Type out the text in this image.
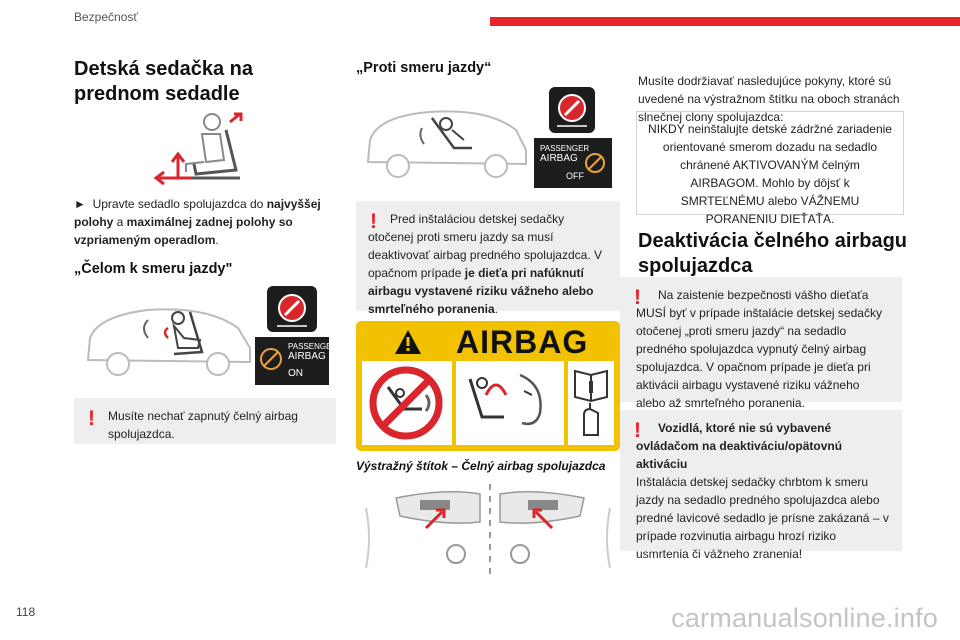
Bezpečnosť
Detská sedačka na prednom sedadle

► Upravte sedadlo spolujazdca do najvyššej polohy a maximálnej zadnej polohy so vzpriameným operadlom.

„Čelom k smeru jazdy"
PASSENGER
AIRBAG
ON
!	Musíte nechať zapnutý čelný airbag spolujazdca.
„Proti smeru jazdy“
PASSENGER
AIRBAG
OFF
!	Pred inštaláciou detskej sedačky otočenej proti smeru jazdy sa musí deaktivovať airbag predného spolujazdca. V opačnom prípade je dieťa pri nafúknutí airbagu vystavené riziku vážneho alebo smrteľného poranenia.

AIRBAG
Výstražný štítok – Čelný airbag spolujazdca

Musíte dodržiavať nasledujúce pokyny, ktoré sú uvedené na výstražnom štítku na oboch stranách slnečnej clony spolujazdca:

NIKDY neinštalujte detské zádržné zariadenie orientované smerom dozadu na sedadlo chránené AKTIVOVANÝM čelným AIRBAGOM. Mohlo by dôjsť k SMRTEĽNÉMU alebo VÁŽNEMU PORANENIU DIEŤAŤA.
Deaktivácia čelného airbagu spolujazdca
!	Na zaistenie bezpečnosti vášho dieťaťa MUSÍ byť v prípade inštalácie detskej sedačky otočenej „proti smeru jazdy“ na sedadlo predného spolujazdca vypnutý čelný airbag spolujazdca. V opačnom prípade je dieťa pri aktivácii airbagu vystavené riziku vážneho alebo až smrteľného poranenia.

!	Vozidlá, ktoré nie sú vybavené ovládačom na deaktiváciu/opätovnú aktiváciu

Inštalácia detskej sedačky chrbtom k smeru jazdy na sedadlo predného spolujazdca alebo predné lavicové sedadlo je prísne zakázaná – v prípade rozvinutia airbagu hrozí riziko usmrtenia či vážneho zranenia!

118	carmanualsonline.info
